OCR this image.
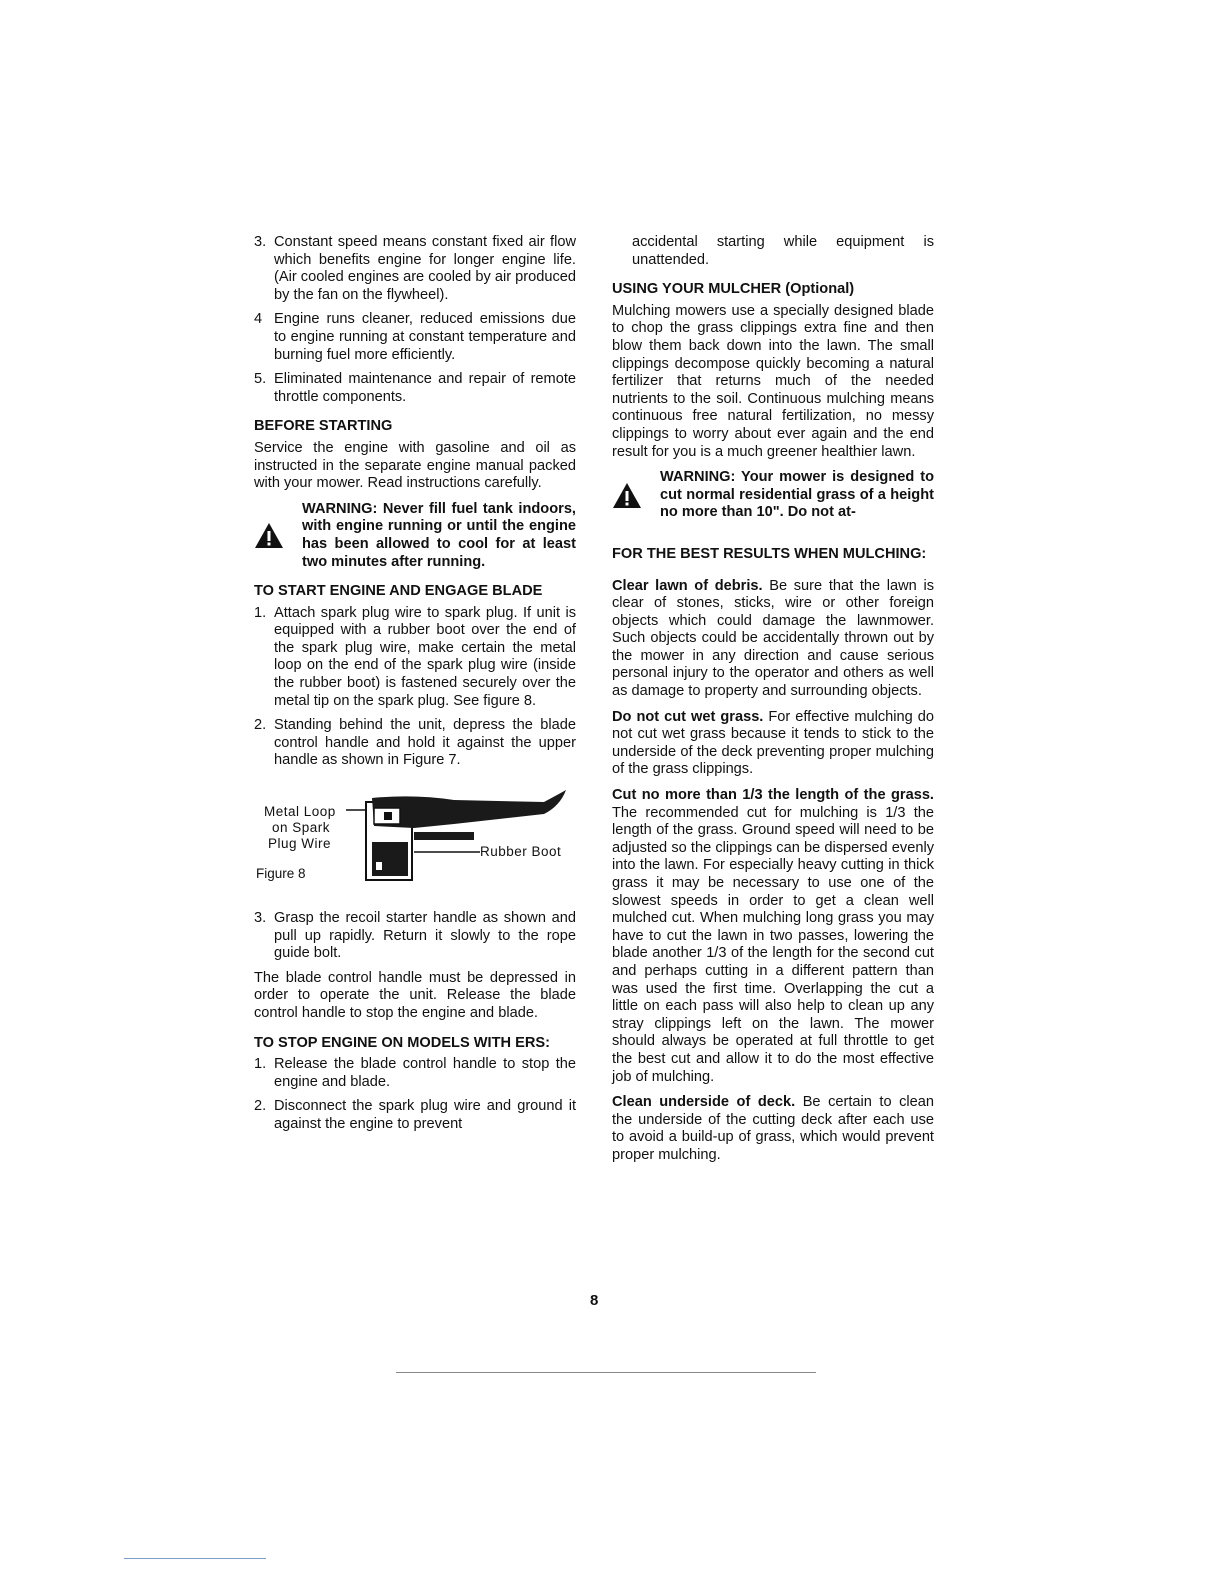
3. Constant speed means constant fixed air flow which benefits engine for longer engine life. (Air cooled engines are cooled by air produced by the fan on the flywheel).
4 Engine runs cleaner, reduced emissions due to engine running at constant temperature and burning fuel more efficiently.
5. Eliminated maintenance and repair of remote throttle components.
BEFORE STARTING

Service the engine with gasoline and oil as instructed in the separate engine manual packed with your mower. Read instructions carefully.

WARNING: Never fill fuel tank indoors, with engine running or until the engine has been allowed to cool for at least two minutes after running.
TO START ENGINE AND ENGAGE BLADE
1. Attach spark plug wire to spark plug. If unit is equipped with a rubber boot over the end of the spark plug wire, make certain the metal loop on the end of the spark plug wire (inside the rubber boot) is fastened securely over the metal tip on the spark plug. See figure 8.
2. Standing behind the unit, depress the blade control handle and hold it against the upper handle as shown in Figure 7.
Metal Loop
on Spark
Plug Wire
Rubber Boot
Figure 8
3. Grasp the recoil starter handle as shown and pull up rapidly. Return it slowly to the rope guide bolt.

The blade control handle must be depressed in order to operate the unit. Release the blade control handle to stop the engine and blade.

TO STOP ENGINE ON MODELS WITH ERS:
1. Release the blade control handle to stop the engine and blade.
2. Disconnect the spark plug wire and ground it against the engine to prevent

accidental starting while equipment is unattended.

USING YOUR MULCHER (Optional)

Mulching mowers use a specially designed blade to chop the grass clippings extra fine and then blow them back down into the lawn. The small clippings decompose quickly becoming a natural fertilizer that returns much of the needed nutrients to the soil. Continuous mulching means continuous free natural fertilization, no messy clippings to worry about ever again and the end result for you is a much greener healthier lawn.

WARNING: Your mower is designed to cut normal residential grass of a height no more than 10". Do not at-
FOR THE BEST RESULTS WHEN MULCHING:

Clear lawn of debris. Be sure that the lawn is clear of stones, sticks, wire or other foreign objects which could damage the lawnmower. Such objects could be accidentally thrown out by the mower in any direction and cause serious personal injury to the operator and others as well as damage to property and surrounding objects.

Do not cut wet grass. For effective mulching do not cut wet grass because it tends to stick to the underside of the deck preventing proper mulching of the grass clippings.

Cut no more than 1/3 the length of the grass. The recommended cut for mulching is 1/3 the length of the grass. Ground speed will need to be adjusted so the clippings can be dispersed evenly into the lawn. For especially heavy cutting in thick grass it may be necessary to use one of the slowest speeds in order to get a clean well mulched cut. When mulching long grass you may have to cut the lawn in two passes, lowering the blade another 1/3 of the length for the second cut and perhaps cutting in a different pattern than was used the first time. Overlapping the cut a little on each pass will also help to clean up any stray clippings left on the lawn. The mower should always be operated at full throttle to get the best cut and allow it to do the most effective job of mulching.

Clean underside of deck. Be certain to clean the underside of the cutting deck after each use to avoid a build-up of grass, which would prevent proper mulching.

8
